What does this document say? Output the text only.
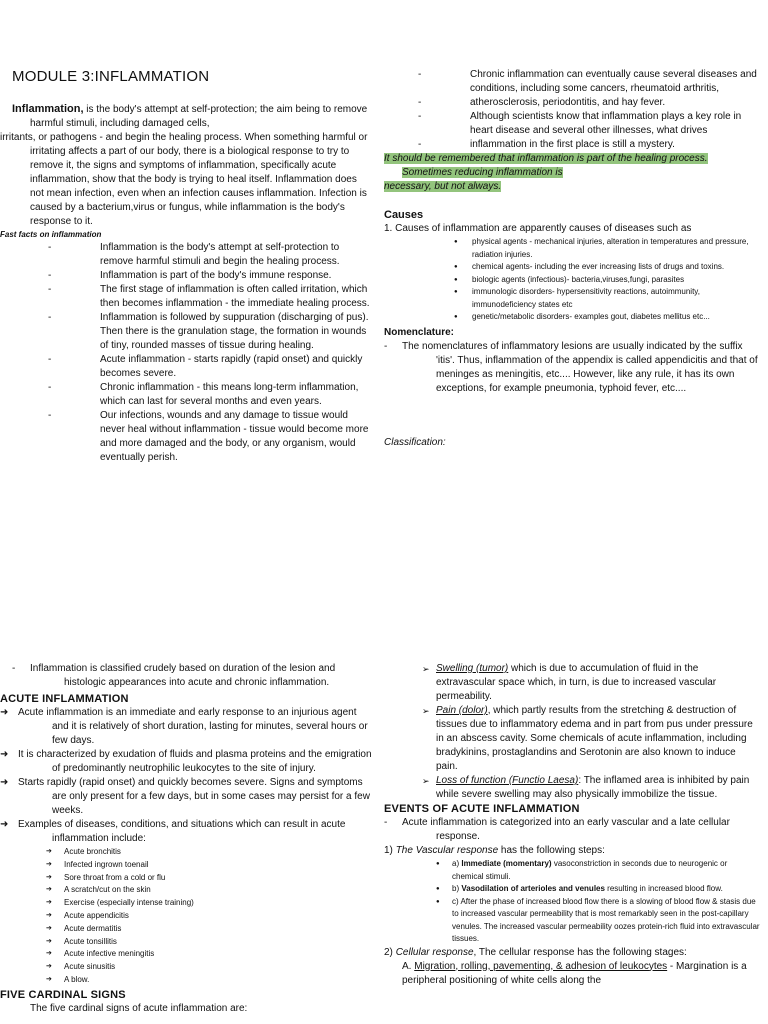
MODULE 3:INFLAMMATION

Inflammation, is the body's attempt at self-protection; the aim being to remove harmful stimuli, including damaged cells,

irritants, or pathogens - and begin the healing process. When something harmful or irritating affects a part of our body, there is a biological response to try to remove it, the signs and symptoms of inflammation, specifically acute inflammation, show that the body is trying to heal itself. Inflammation does not mean infection, even when an infection causes inflammation. Infection is caused by a bacterium,virus or fungus, while inflammation is the body's response to it.

Fast facts on inflammation

-	Inflammation is the body's attempt at self-protection to remove harmful stimuli and begin the healing process.
-	Inflammation is part of the body's immune response.
-	The first stage of inflammation is often called irritation, which then becomes inflammation - the immediate healing process.
-	Inflammation is followed by suppuration (discharging of pus). Then there is the granulation stage, the formation in wounds of tiny, rounded masses of tissue during healing.
-	Acute inflammation - starts rapidly (rapid onset) and quickly becomes severe.
-	Chronic inflammation - this means long-term inflammation, which can last for several months and even years.
-	Our infections, wounds and any damage to tissue would never heal without inflammation - tissue would become more and more damaged and the body, or any organism, would eventually perish.
-	Chronic inflammation can eventually cause several diseases and conditions, including some cancers, rheumatoid arthritis,
-	atherosclerosis, periodontitis, and hay fever.
-	Although scientists know that inflammation plays a key role in heart disease and several other illnesses, what drives
-	inflammation in the first place is still a mystery.
It should be remembered that inflammation is part of the healing process.
Sometimes reducing inflammation is
necessary, but not always.

Causes

1. Causes of inflammation are apparently causes of diseases such as

● physical agents - mechanical injuries, alteration in temperatures and pressure, radiation injuries.
● chemical agents- including the ever increasing lists of drugs and toxins.
● biologic agents (infectious)- bacteria,viruses,fungi, parasites
● immunologic disorders- hypersensitivity reactions, autoimmunity, immunodeficiency states etc
● genetic/metabolic disorders- examples gout, diabetes mellitus etc...

Nomenclature:

- The nomenclatures of inflammatory lesions are usually indicated by the suffix 'itis'. Thus, inflammation of the appendix is called appendicitis and that of meninges as meningitis, etc.... However, like any rule, it has its own exceptions, for example pneumonia, typhoid fever, etc....

Classification:

- Inflammation is classified crudely based on duration of the lesion and histologic appearances into acute and chronic inflammation.

ACUTE INFLAMMATION

➜ Acute inflammation is an immediate and early response to an injurious agent and it is relatively of short duration, lasting for minutes, several hours or few days.
➜ It is characterized by exudation of fluids and plasma proteins and the emigration of predominantly neutrophilic leukocytes to the site of injury.
➜ Starts rapidly (rapid onset) and quickly becomes severe. Signs and symptoms are only present for a few days, but in some cases may persist for a few weeks.
➜ Examples of diseases, conditions, and situations which can result in acute inflammation include:
➔ Acute bronchitis
➔ Infected ingrown toenail
➔ Sore throat from a cold or flu
➔ A scratch/cut on the skin
➔ Exercise (especially intense training)
➔ Acute appendicitis
➔ Acute dermatitis
➔ Acute tonsillitis
➔ Acute infective meningitis
➔ Acute sinusitis
➔ A blow.

FIVE CARDINAL SIGNS

The five cardinal signs of acute inflammation are:

➢ Swelling (tumor) which is due to accumulation of fluid in the extravascular space which, in turn, is due to increased vascular permeability.
➢ Pain (dolor), which partly results from the stretching & destruction of tissues due to inflammatory edema and in part from pus under pressure in an abscess cavity. Some chemicals of acute inflammation, including bradykinins, prostaglandins and Serotonin are also known to induce pain.
➢ Loss of function (Functio Laesa): The inflamed area is inhibited by pain while severe swelling may also physically immobilize the tissue.

EVENTS OF ACUTE INFLAMMATION

- Acute inflammation is categorized into an early vascular and a late cellular response.

1) The Vascular response has the following steps:

● a) Immediate (momentary) vasoconstriction in seconds due to neurogenic or chemical stimuli.
● b) Vasodilation of arterioles and venules resulting in increased blood flow.
● c) After the phase of increased blood flow there is a slowing of blood flow & stasis due to increased vascular permeability that is most remarkably seen in the post-capillary venules. The increased vascular permeability oozes protein-rich fluid into extravascular tissues.

2) Cellular response, The cellular response has the following stages:

A. Migration, rolling, pavementing, & adhesion of leukocytes - Margination is a peripheral positioning of white cells along the
